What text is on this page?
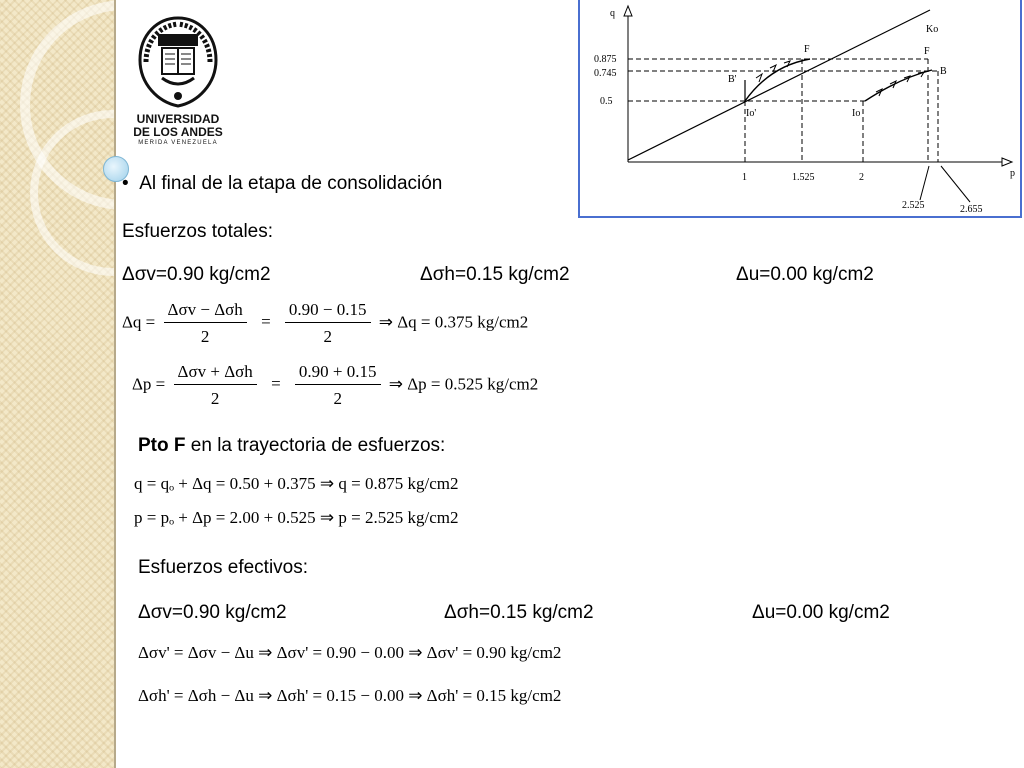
UNIVERSIDAD
DE LOS ANDES
MERIDA VENEZUELA
q
p
Ko
0.875
0.745
0.5
1	1.525	2
2.525	2.655
F	F
B
B'
Io'	Io
•  Al final de la etapa de consolidación
Esfuerzos totales:
Δσv=0.90 kg/cm2	Δσh=0.15 kg/cm2	Δu=0.00 kg/cm2
$\Delta q = \frac{\text{Δσv − Δσh}}{2} = \frac{0.90 - 0.15}{2}$ ⇒ Δq = 0.375 kg/cm2
$\Delta p = \frac{\text{Δσv + Δσh}}{2} = \frac{0.90 + 0.15}{2}$ ⇒ Δp = 0.525 kg/cm2
Pto F en la trayectoria de esfuerzos:
q = qₒ + Δq = 0.50 + 0.375 ⇒ q = 0.875 kg/cm2
p = pₒ + Δp = 2.00 + 0.525 ⇒ p = 2.525 kg/cm2
Esfuerzos efectivos:
Δσv=0.90 kg/cm2	Δσh=0.15 kg/cm2	Δu=0.00 kg/cm2
Δσv' = Δσv − Δu ⇒ Δσv' = 0.90 − 0.00 ⇒ Δσv' = 0.90 kg/cm2
Δσh' = Δσh − Δu ⇒ Δσh' = 0.15 − 0.00 ⇒ Δσh' = 0.15 kg/cm2
